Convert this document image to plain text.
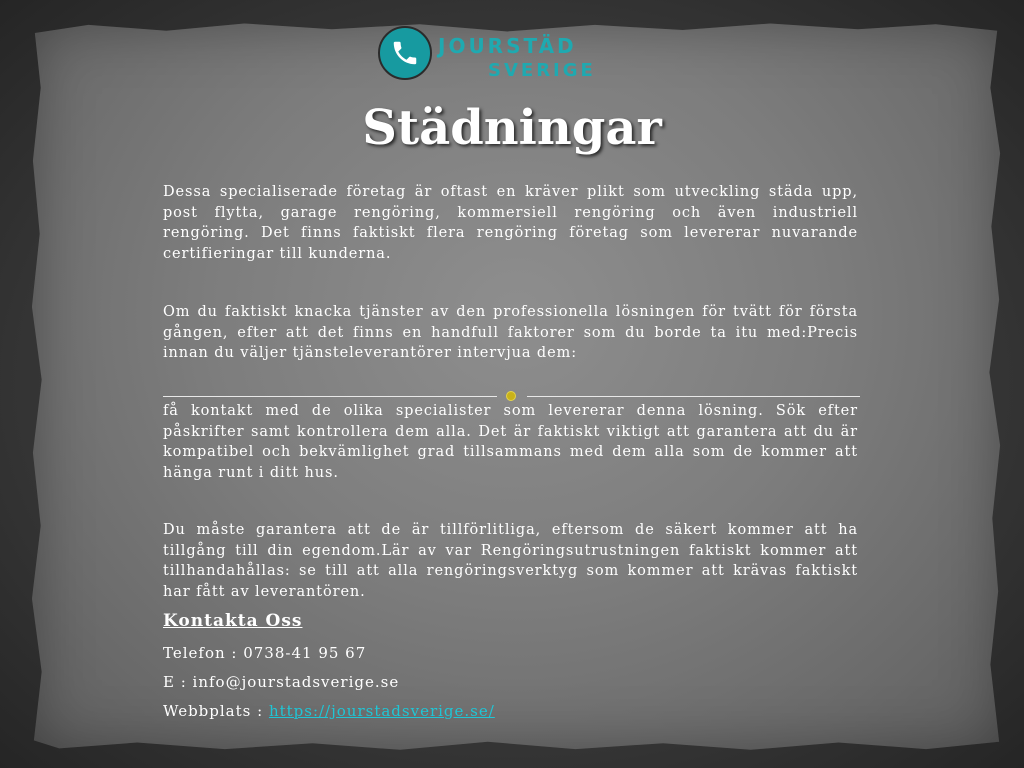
JOURSTÄD
SVERIGE
Städningar

Dessa specialiserade företag är oftast en kräver plikt som utveckling städa upp, post flytta, garage rengöring, kommersiell rengöring och även industriell rengöring. Det finns faktiskt flera rengöring företag som levererar nuvarande certifieringar till kunderna.

Om du faktiskt knacka tjänster av den professionella lösningen för tvätt för första gången, efter att det finns en handfull faktorer som du borde ta itu med:Precis innan du väljer tjänsteleverantörer intervjua dem:

få kontakt med de olika specialister som levererar denna lösning. Sök efter påskrifter samt kontrollera dem alla. Det är faktiskt viktigt att garantera att du är kompatibel och bekvämlighet grad tillsammans med dem alla som de kommer att hänga runt i ditt hus.

Du måste garantera att de är tillförlitliga, eftersom de säkert kommer att ha tillgång till din egendom.Lär av var Rengöringsutrustningen faktiskt kommer att tillhandahållas: se till att alla rengöringsverktyg som kommer att krävas faktiskt har fått av leverantören.

Kontakta Oss

Telefon : 0738-41 95 67

E : info@jourstadsverige.se

Webbplats : https://jourstadsverige.se/
